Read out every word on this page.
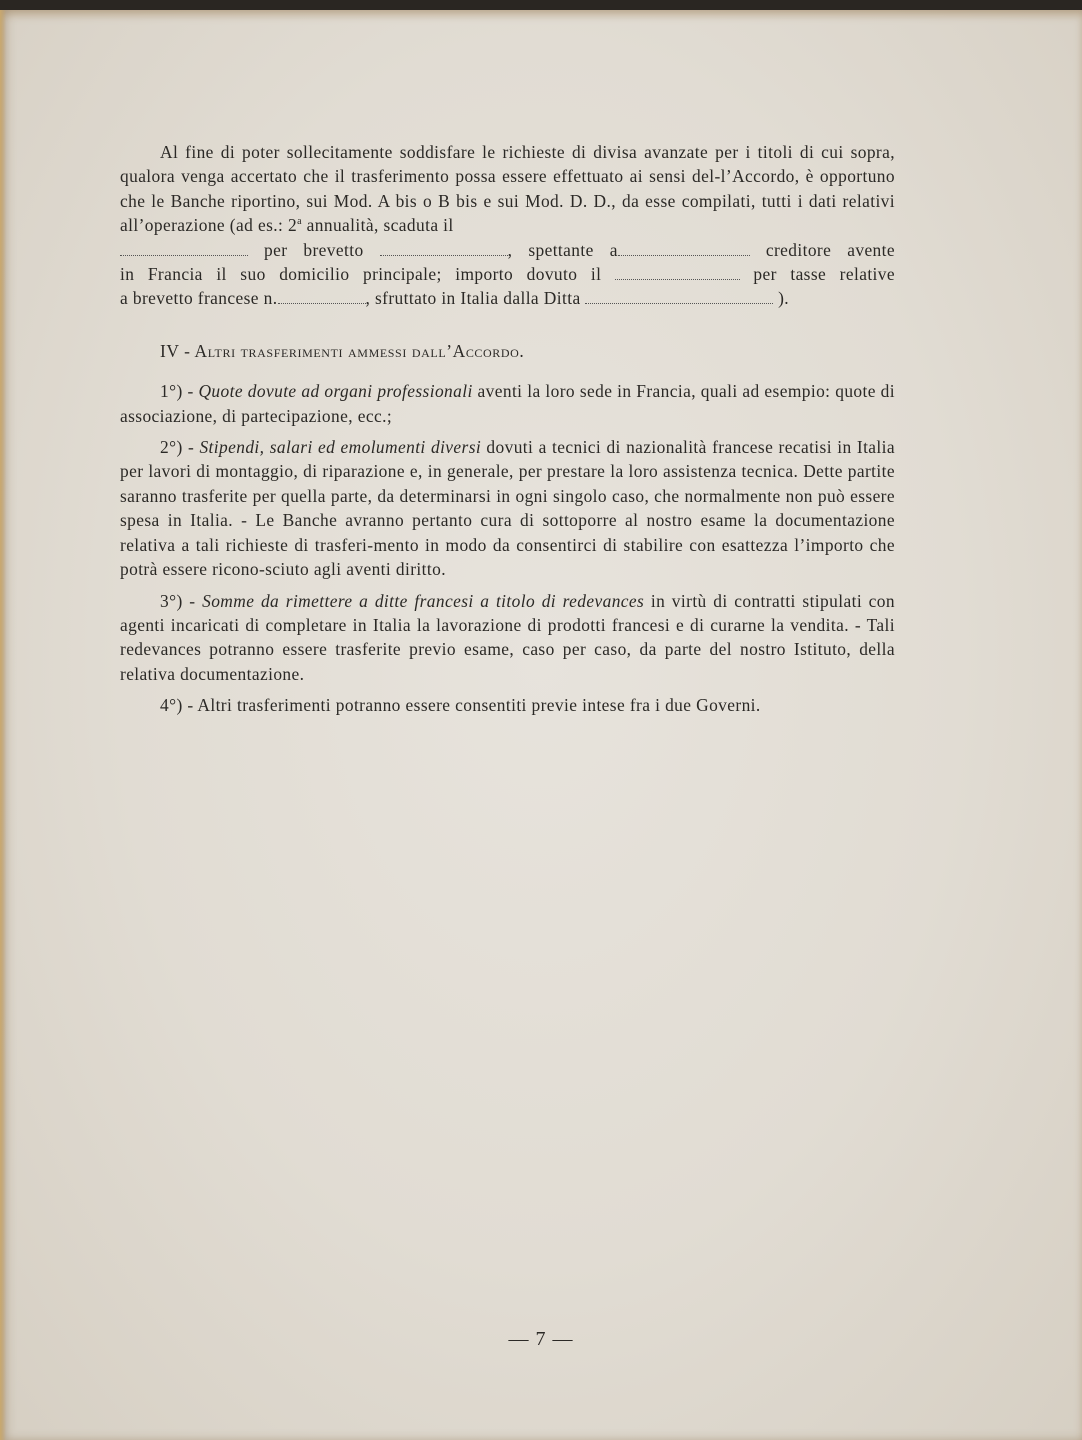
Al fine di poter sollecitamente soddisfare le richieste di divisa avanzate per i titoli di cui sopra, qualora venga accertato che il trasferimento possa essere effettuato ai sensi del-l’Accordo, è opportuno che le Banche riportino, sui Mod. A bis o B bis e sui Mod. D. D., da esse compilati, tutti i dati relativi all’operazione (ad es.: 2$^a$ annualità, scaduta il

per brevetto	, spettante a	creditore avente

in Francia il suo domicilio principale; importo dovuto il	per tasse relative

a brevetto francese n.	, sfruttato in Italia dalla Ditta	).

IV - Altri trasferimenti ammessi dall’Accordo.

1°) - Quote dovute ad organi professionali aventi la loro sede in Francia, quali ad esempio: quote di associazione, di partecipazione, ecc.;

2°) - Stipendi, salari ed emolumenti diversi dovuti a tecnici di nazionalità francese recatisi in Italia per lavori di montaggio, di riparazione e, in generale, per prestare la loro assistenza tecnica. Dette partite saranno trasferite per quella parte, da determinarsi in ogni singolo caso, che normalmente non può essere spesa in Italia. - Le Banche avranno pertanto cura di sottoporre al nostro esame la documentazione relativa a tali richieste di trasferi-mento in modo da consentirci di stabilire con esattezza l’importo che potrà essere ricono-sciuto agli aventi diritto.

3°) - Somme da rimettere a ditte francesi a titolo di redevances in virtù di contratti stipulati con agenti incaricati di completare in Italia la lavorazione di prodotti francesi e di curarne la vendita. - Tali redevances potranno essere trasferite previo esame, caso per caso, da parte del nostro Istituto, della relativa documentazione.

4°) - Altri trasferimenti potranno essere consentiti previe intese fra i due Governi.

— 7 —
